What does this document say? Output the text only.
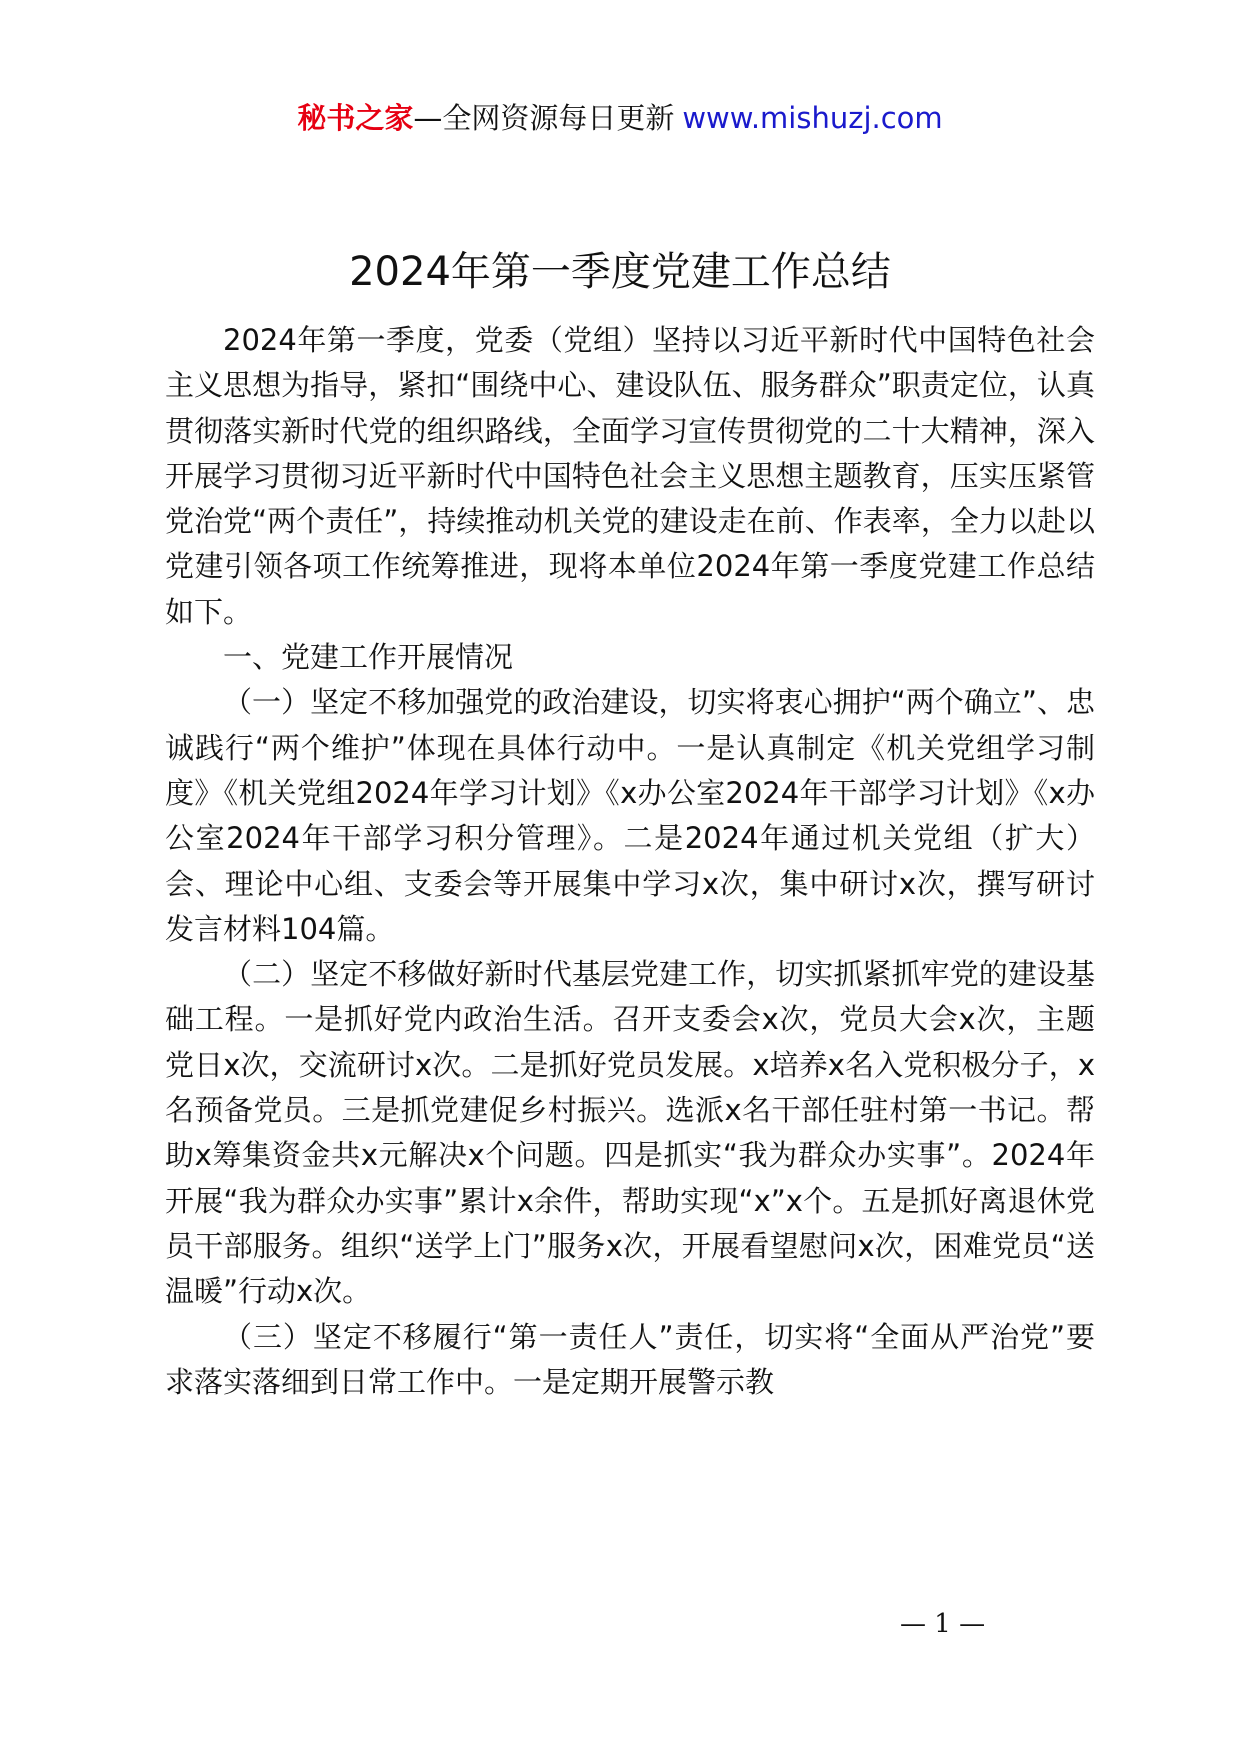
秘书之家—全网资源每日更新 www.mishuzj.com
2024年第一季度党建工作总结

2024年第一季度，党委（党组）坚持以习近平新时代中国特色社会主义思想为指导，紧扣“围绕中心、建设队伍、服务群众”职责定位，认真贯彻落实新时代党的组织路线，全面学习宣传贯彻党的二十大精神，深入开展学习贯彻习近平新时代中国特色社会主义思想主题教育，压实压紧管党治党“两个责任”，持续推动机关党的建设走在前、作表率，全力以赴以党建引领各项工作统筹推进，现将本单位2024年第一季度党建工作总结如下。

一、党建工作开展情况

（一）坚定不移加强党的政治建设，切实将衷心拥护“两个确立”、忠诚践行“两个维护”体现在具体行动中。一是认真制定《机关党组学习制度》《机关党组2024年学习计划》《x办公室2024年干部学习计划》《x办公室2024年干部学习积分管理》。二是2024年通过机关党组（扩大）会、理论中心组、支委会等开展集中学习x次，集中研讨x次，撰写研讨发言材料104篇。

（二）坚定不移做好新时代基层党建工作，切实抓紧抓牢党的建设基础工程。一是抓好党内政治生活。召开支委会x次，党员大会x次，主题党日x次，交流研讨x次。二是抓好党员发展。x培养x名入党积极分子，x名预备党员。三是抓党建促乡村振兴。选派x名干部任驻村第一书记。帮助x筹集资金共x元解决x个问题。四是抓实“我为群众办实事”。2024年开展“我为群众办实事”累计x余件，帮助实现“x”x个。五是抓好离退休党员干部服务。组织“送学上门”服务x次，开展看望慰问x次，困难党员“送温暖”行动x次。

（三）坚定不移履行“第一责任人”责任，切实将“全面从严治党”要求落实落细到日常工作中。一是定期开展警示教

— 1 —
